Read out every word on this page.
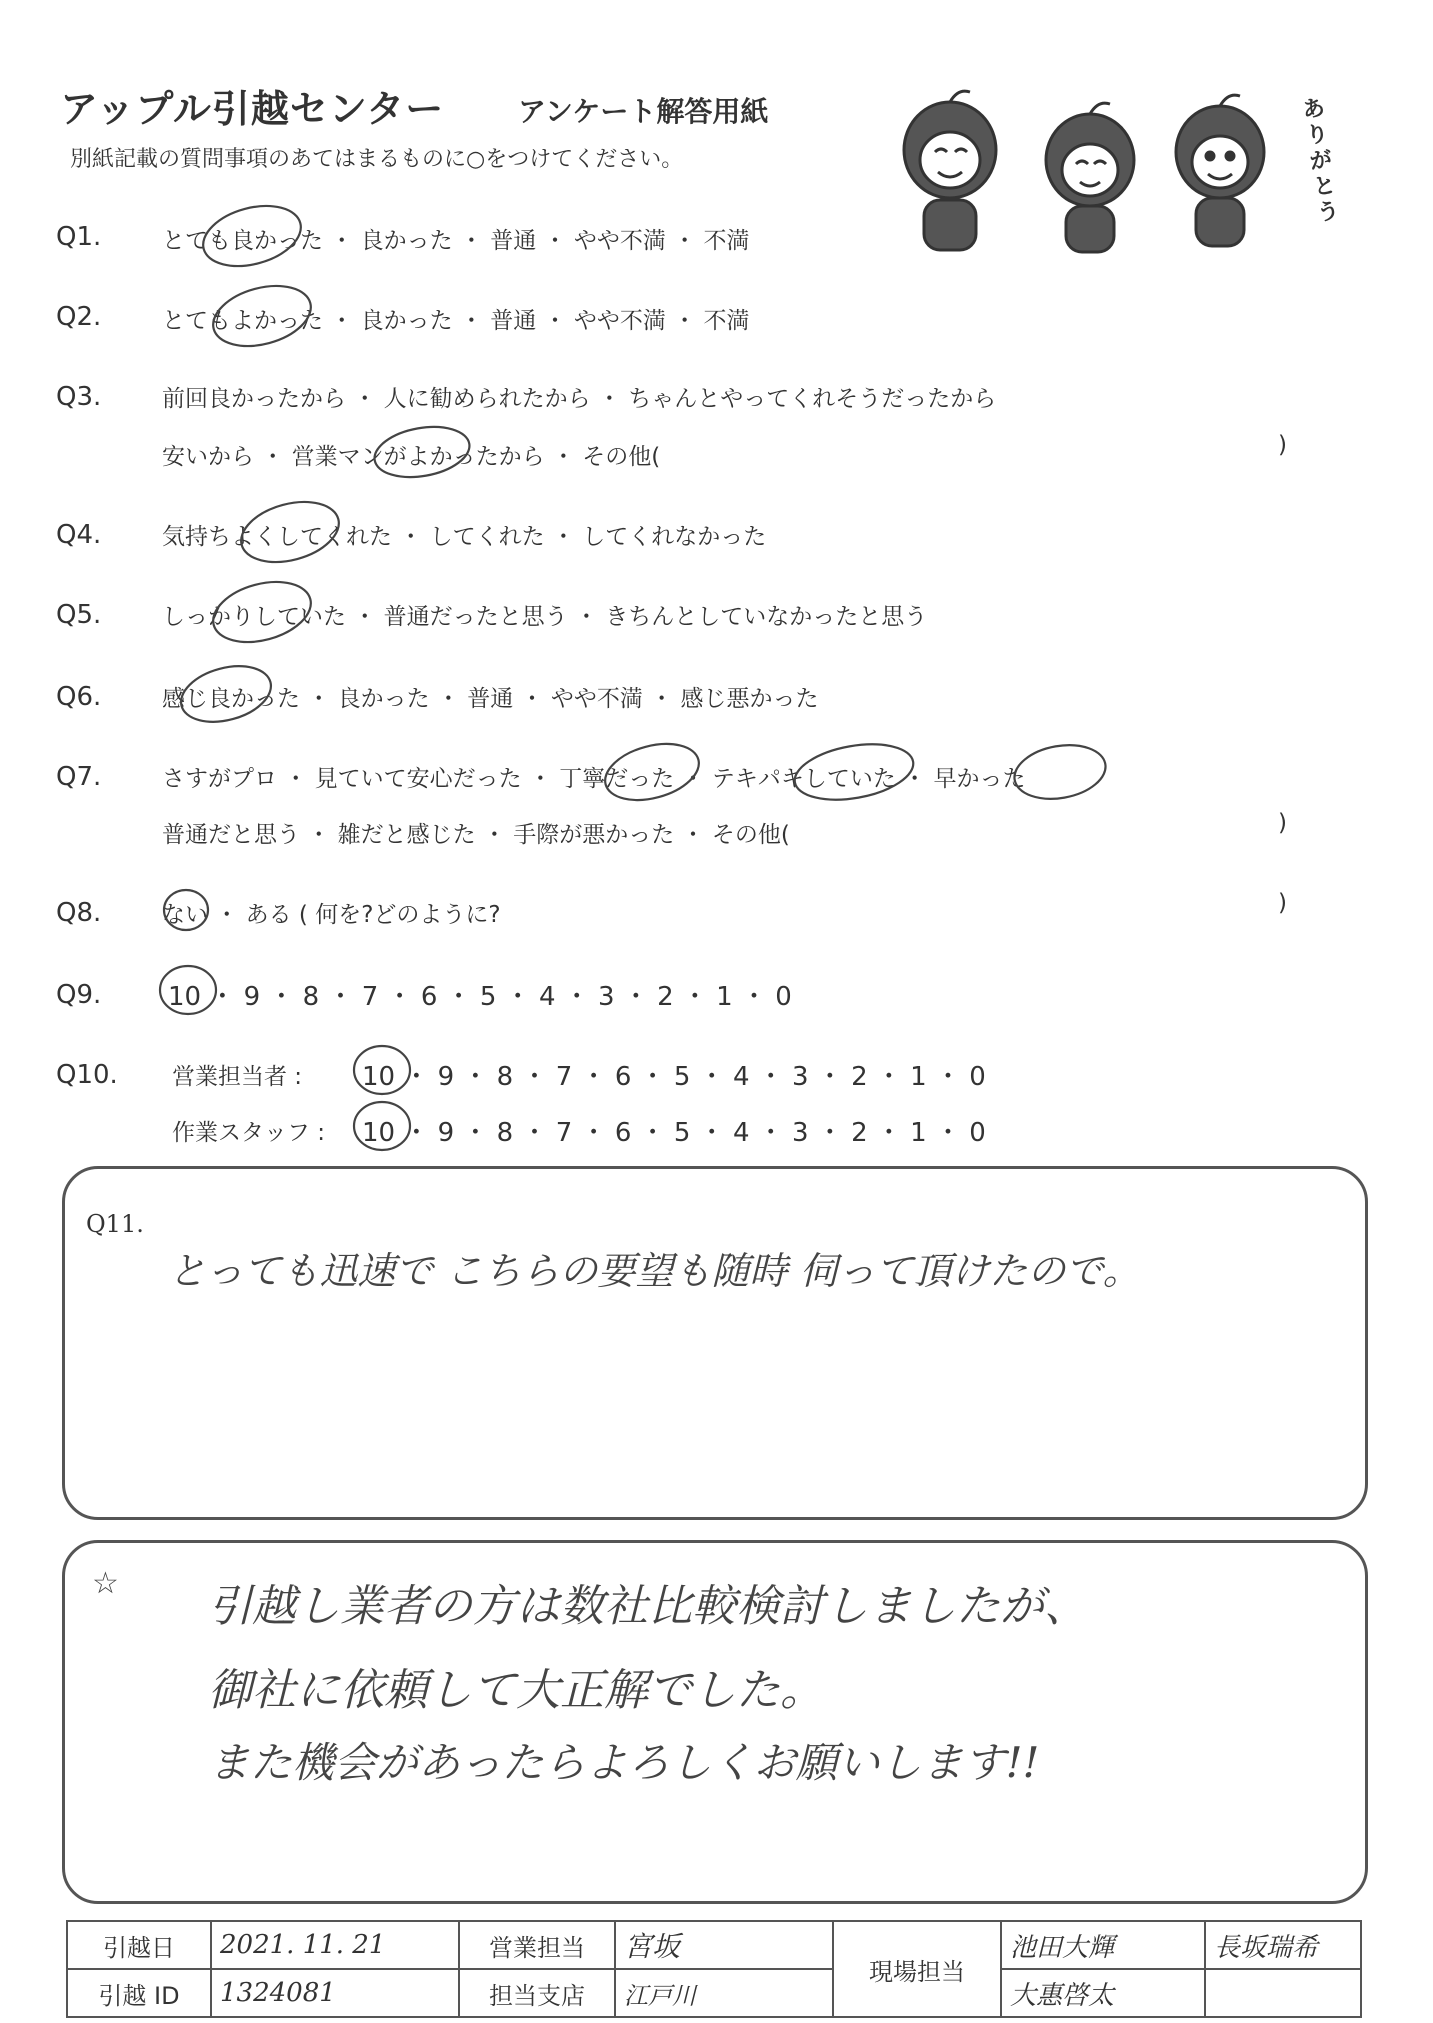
アップル引越センター	アンケート解答用紙
別紙記載の質問事項のあてはまるものに○をつけてください。
ありがとう
Q1.	とても良かった ・ 良かった ・ 普通 ・ やや不満 ・ 不満
Q2.	とてもよかった ・ 良かった ・ 普通 ・ やや不満 ・ 不満
Q3.	前回良かったから ・ 人に勧められたから ・ ちゃんとやってくれそうだったから
安いから ・ 営業マンがよかったから ・ その他(	)
Q4.	気持ちよくしてくれた ・ してくれた ・ してくれなかった
Q5.	しっかりしていた ・ 普通だったと思う ・ きちんとしていなかったと思う
Q6.	感じ良かった ・ 良かった ・ 普通 ・ やや不満 ・ 感じ悪かった
Q7.	さすがプロ ・ 見ていて安心だった ・ 丁寧だった ・ テキパキしていた ・ 早かった
普通だと思う ・ 雑だと感じた ・ 手際が悪かった ・ その他(	)
Q8.	ない ・ ある ( 何を?どのように?	)
Q9.	10 ・ 9 ・ 8 ・ 7 ・ 6 ・ 5 ・ 4 ・ 3 ・ 2 ・ 1 ・ 0
Q10. 営業担当者 : 10 ・ 9 ・ 8 ・ 7 ・ 6 ・ 5 ・ 4 ・ 3 ・ 2 ・ 1 ・ 0
作業スタッフ : 10 ・ 9 ・ 8 ・ 7 ・ 6 ・ 5 ・ 4 ・ 3 ・ 2 ・ 1 ・ 0
Q11.
とっても迅速で こちらの要望も随時 伺って頂けたので。
☆ 引越し業者の方は数社比較検討しましたが、
御社に依頼して大正解でした。
また機会があったらよろしくお願いします!!
引越日	2021. 11. 21	営業担当	宮坂	現場担当	池田大輝	長坂瑞希
引越 ID	1324081	担当支店	江戸川		大惠啓太	
